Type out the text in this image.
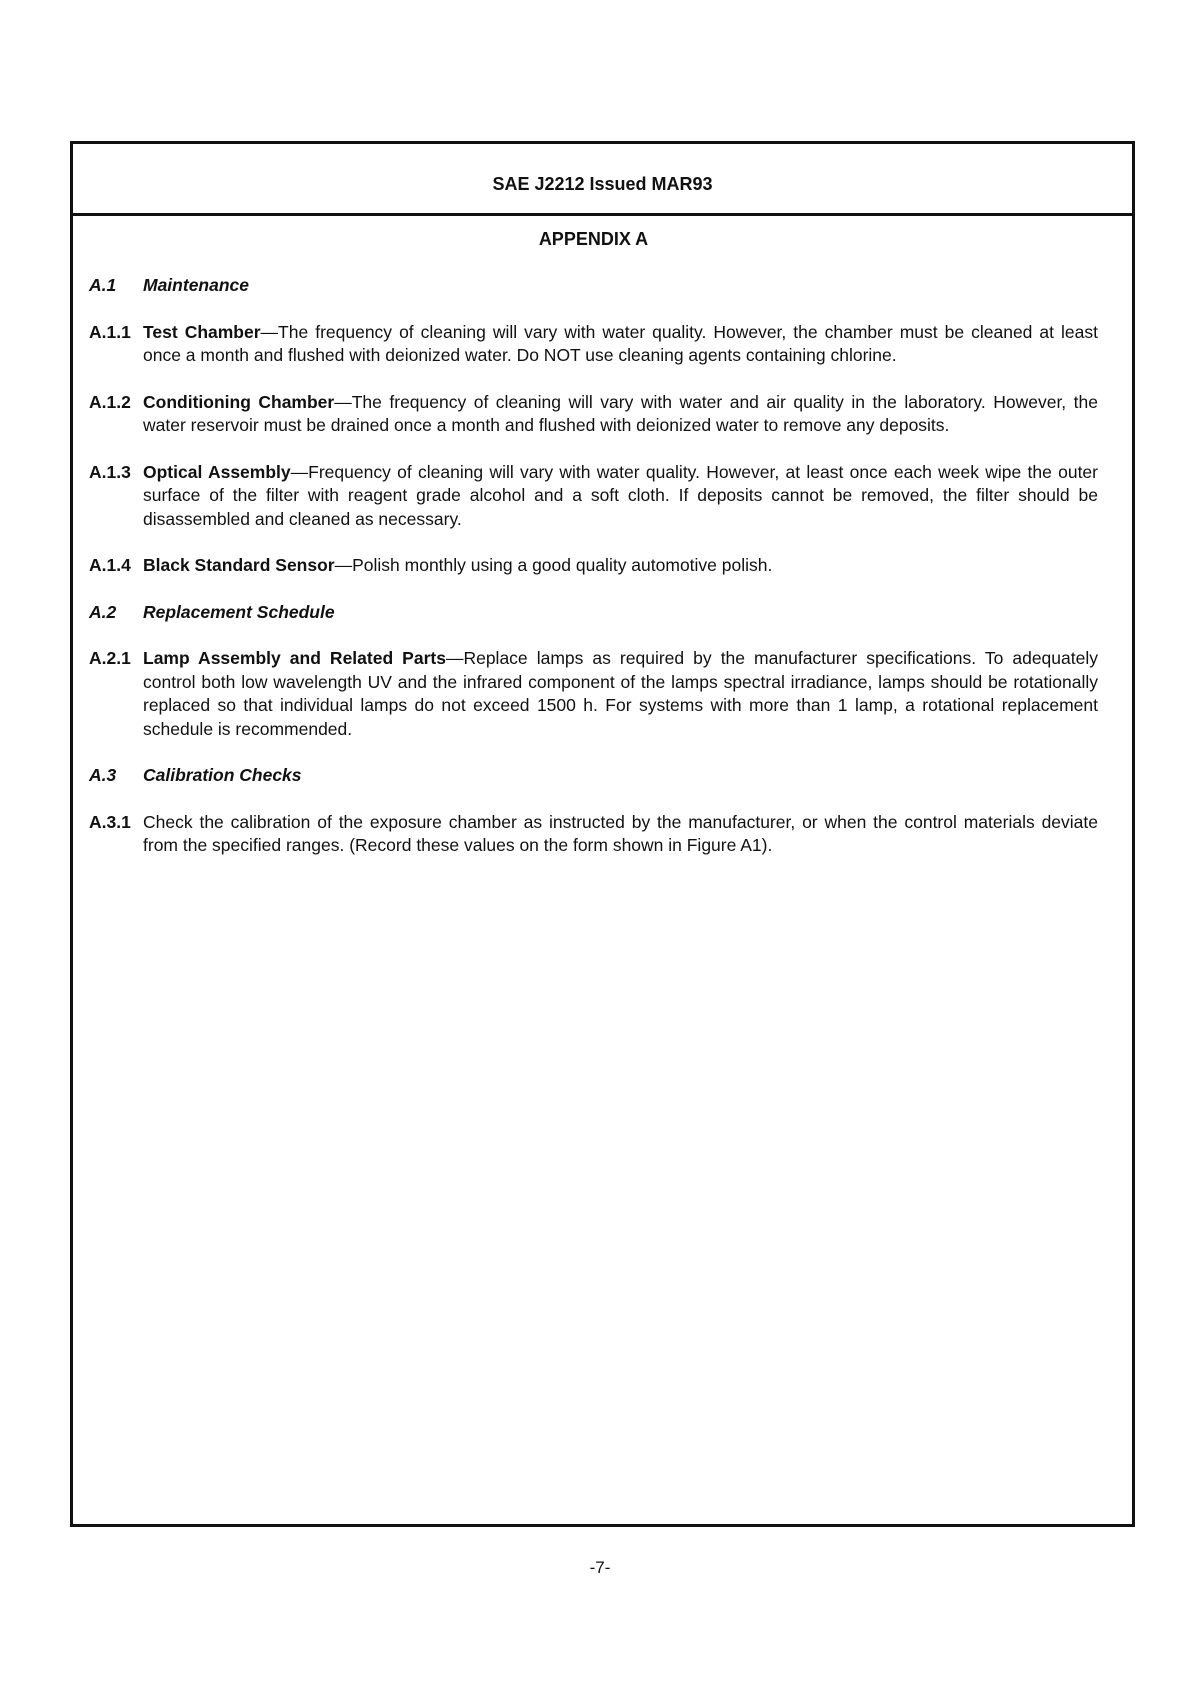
SAE J2212 Issued MAR93
APPENDIX A
A.1	Maintenance
A.1.1 Test Chamber—The frequency of cleaning will vary with water quality. However, the chamber must be cleaned at least once a month and flushed with deionized water. Do NOT use cleaning agents containing chlorine.
A.1.2 Conditioning Chamber—The frequency of cleaning will vary with water and air quality in the laboratory. However, the water reservoir must be drained once a month and flushed with deionized water to remove any deposits.
A.1.3 Optical Assembly—Frequency of cleaning will vary with water quality. However, at least once each week wipe the outer surface of the filter with reagent grade alcohol and a soft cloth. If deposits cannot be removed, the filter should be disassembled and cleaned as necessary.
A.1.4 Black Standard Sensor—Polish monthly using a good quality automotive polish.
A.2	Replacement Schedule
A.2.1 Lamp Assembly and Related Parts—Replace lamps as required by the manufacturer specifications. To adequately control both low wavelength UV and the infrared component of the lamps spectral irradiance, lamps should be rotationally replaced so that individual lamps do not exceed 1500 h. For systems with more than 1 lamp, a rotational replacement schedule is recommended.
A.3	Calibration Checks
A.3.1 Check the calibration of the exposure chamber as instructed by the manufacturer, or when the control materials deviate from the specified ranges. (Record these values on the form shown in Figure A1).
-7-
